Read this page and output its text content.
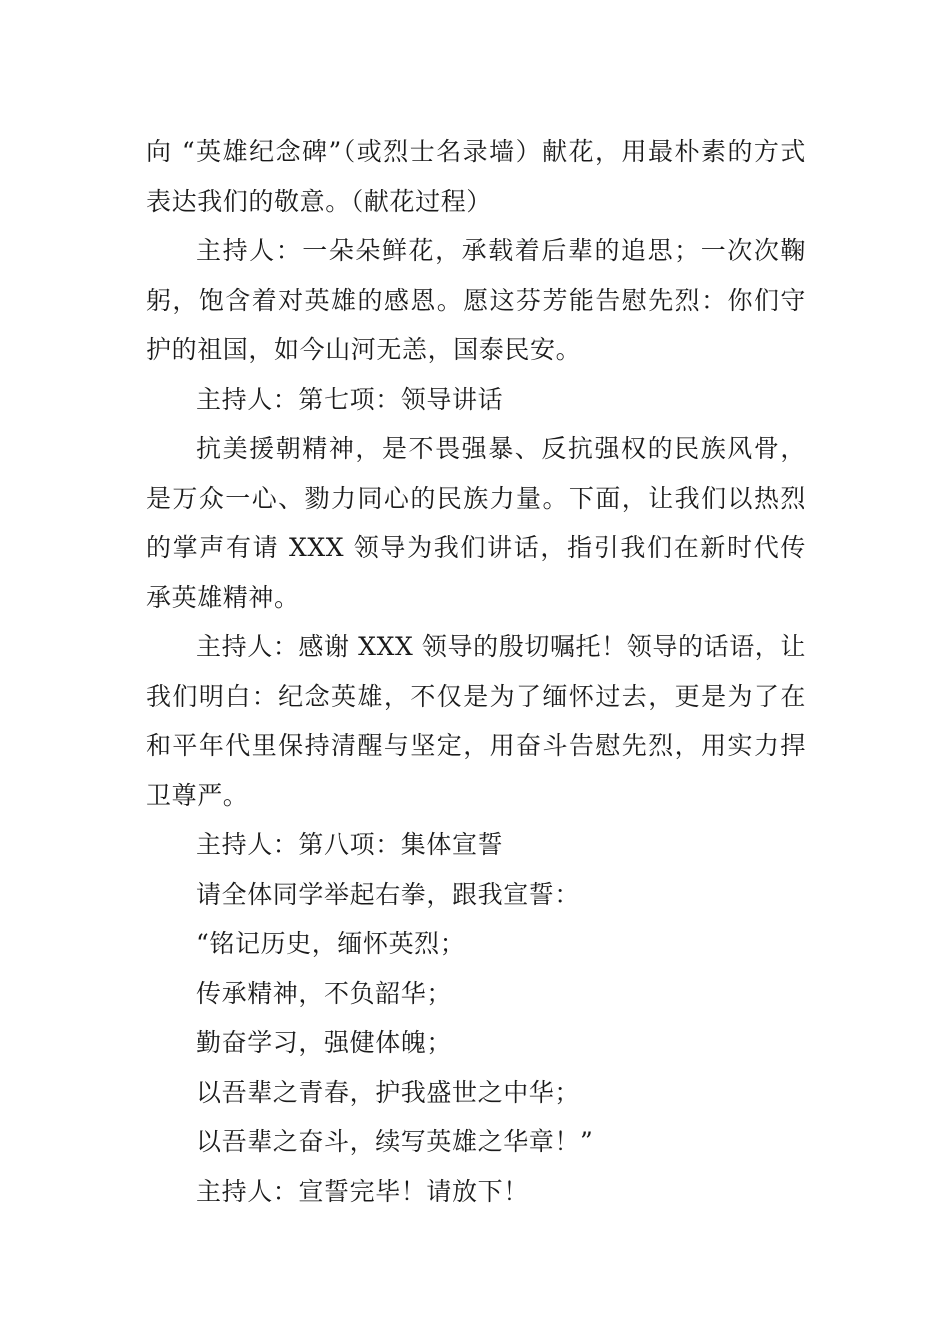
向 “英雄纪念碑”（或烈士名录墙）献花，用最朴素的方式表达我们的敬意。（献花过程）

主持人：一朵朵鲜花，承载着后辈的追思；一次次鞠躬，饱含着对英雄的感恩。愿这芬芳能告慰先烈：你们守护的祖国，如今山河无恙，国泰民安。

主持人：第七项：领导讲话

抗美援朝精神，是不畏强暴、反抗强权的民族风骨，是万众一心、勠力同心的民族力量。下面，让我们以热烈的掌声有请 XXX 领导为我们讲话，指引我们在新时代传承英雄精神。

主持人：感谢 XXX 领导的殷切嘱托！领导的话语，让我们明白：纪念英雄，不仅是为了缅怀过去，更是为了在和平年代里保持清醒与坚定，用奋斗告慰先烈，用实力捍卫尊严。

主持人：第八项：集体宣誓

请全体同学举起右拳，跟我宣誓：

“铭记历史，缅怀英烈；

传承精神，不负韶华；

勤奋学习，强健体魄；

以吾辈之青春，护我盛世之中华；

以吾辈之奋斗，续写英雄之华章！”

主持人：宣誓完毕！请放下！
